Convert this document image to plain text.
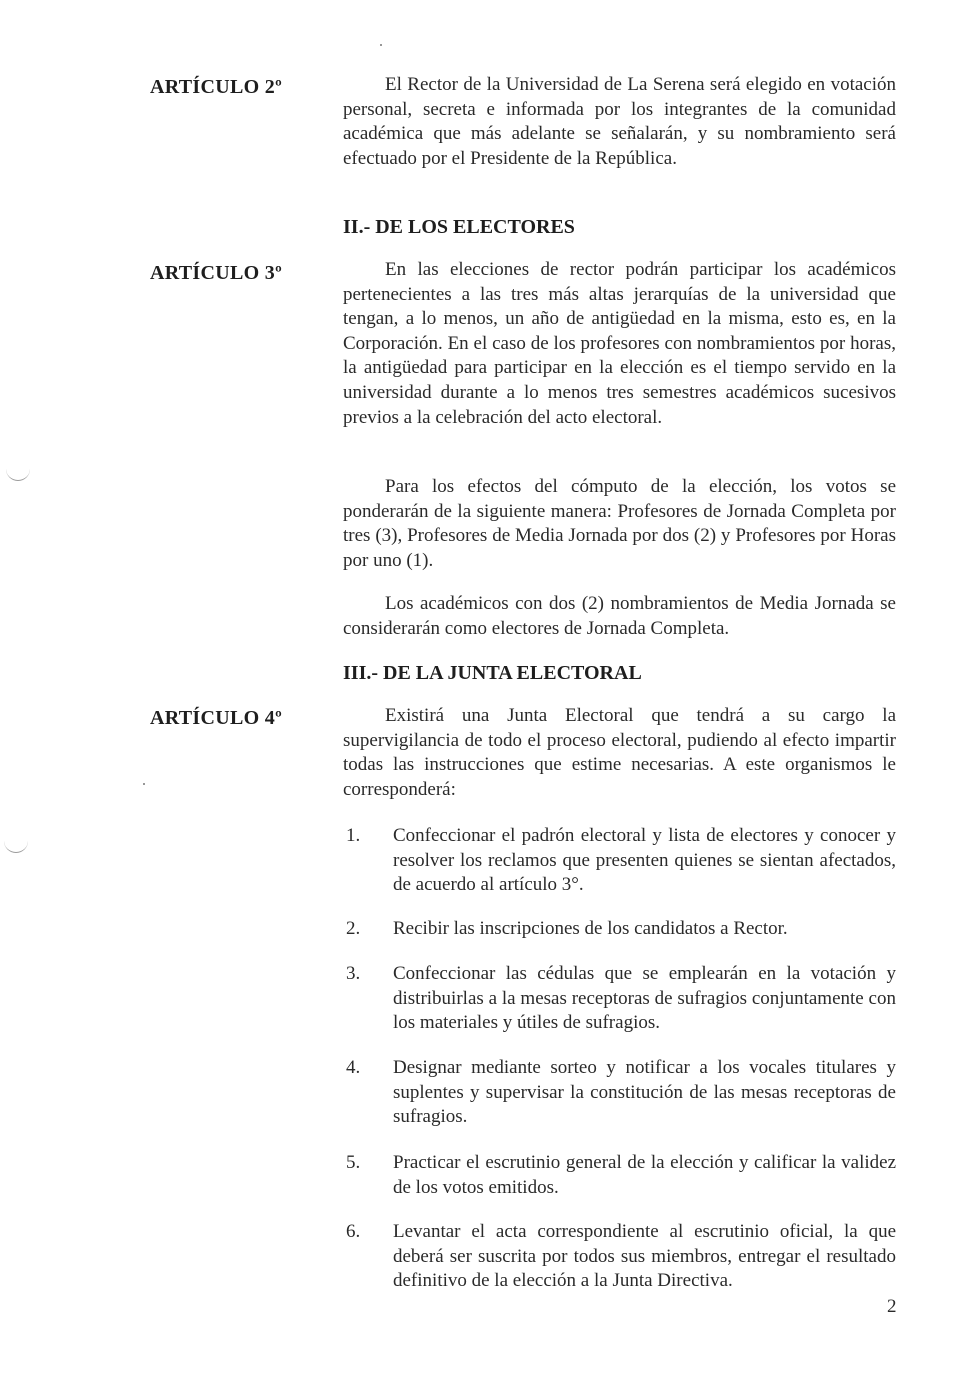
ARTÍCULO 2º	El Rector de la Universidad de La Serena será elegido en votación personal, secreta e informada por los integrantes de la comunidad académica que más adelante se señalarán, y su nombramiento será efectuado por el Presidente de la República.

II.- DE LOS ELECTORES
ARTÍCULO 3º	En las elecciones de rector podrán participar los académicos pertenecientes a las tres más altas jerarquías de la universidad que tengan, a lo menos, un año de antigüedad en la misma, esto es, en la Corporación. En el caso de los profesores con nombramientos por horas, la antigüedad para participar en la elección es el tiempo servido en la universidad durante a lo menos tres semestres académicos sucesivos previos a la celebración del acto electoral.

Para los efectos del cómputo de la elección, los votos se ponderarán de la siguiente manera: Profesores de Jornada Completa por tres (3), Profesores de Media Jornada por dos (2) y Profesores por Horas por uno (1).

Los académicos con dos (2) nombramientos de Media Jornada se considerarán como electores de Jornada Completa.

III.- DE LA JUNTA ELECTORAL
ARTÍCULO 4º	Existirá una Junta Electoral que tendrá a su cargo la supervigilancia de todo el proceso electoral, pudiendo al efecto impartir todas las instrucciones que estime necesarias. A este organismos le corresponderá:

1. Confeccionar el padrón electoral y lista de electores y conocer y resolver los reclamos que presenten quienes se sientan afectados, de acuerdo al artículo 3°.
2. Recibir las inscripciones de los candidatos a Rector.
3. Confeccionar las cédulas que se emplearán en la votación y distribuirlas a la mesas receptoras de sufragios conjuntamente con los materiales y útiles de sufragios.
4. Designar mediante sorteo y notificar a los vocales titulares y suplentes y supervisar la constitución de las mesas receptoras de sufragios.
5. Practicar el escrutinio general de la elección y calificar la validez de los votos emitidos.
6. Levantar el acta correspondiente al escrutinio oficial, la que deberá ser suscrita por todos sus miembros, entregar el resultado definitivo de la elección a la Junta Directiva.
2
